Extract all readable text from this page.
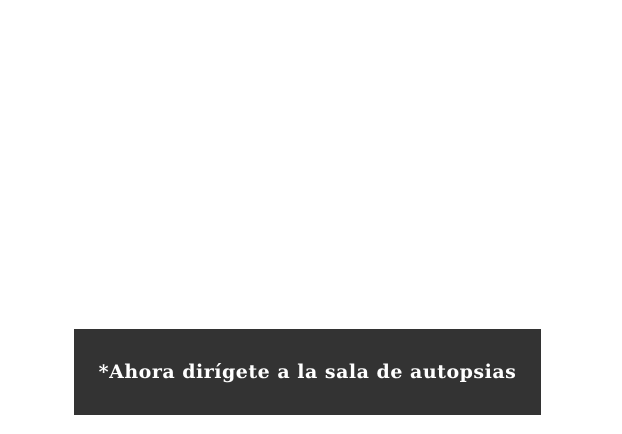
*Ahora dirígete a la sala de autopsias
